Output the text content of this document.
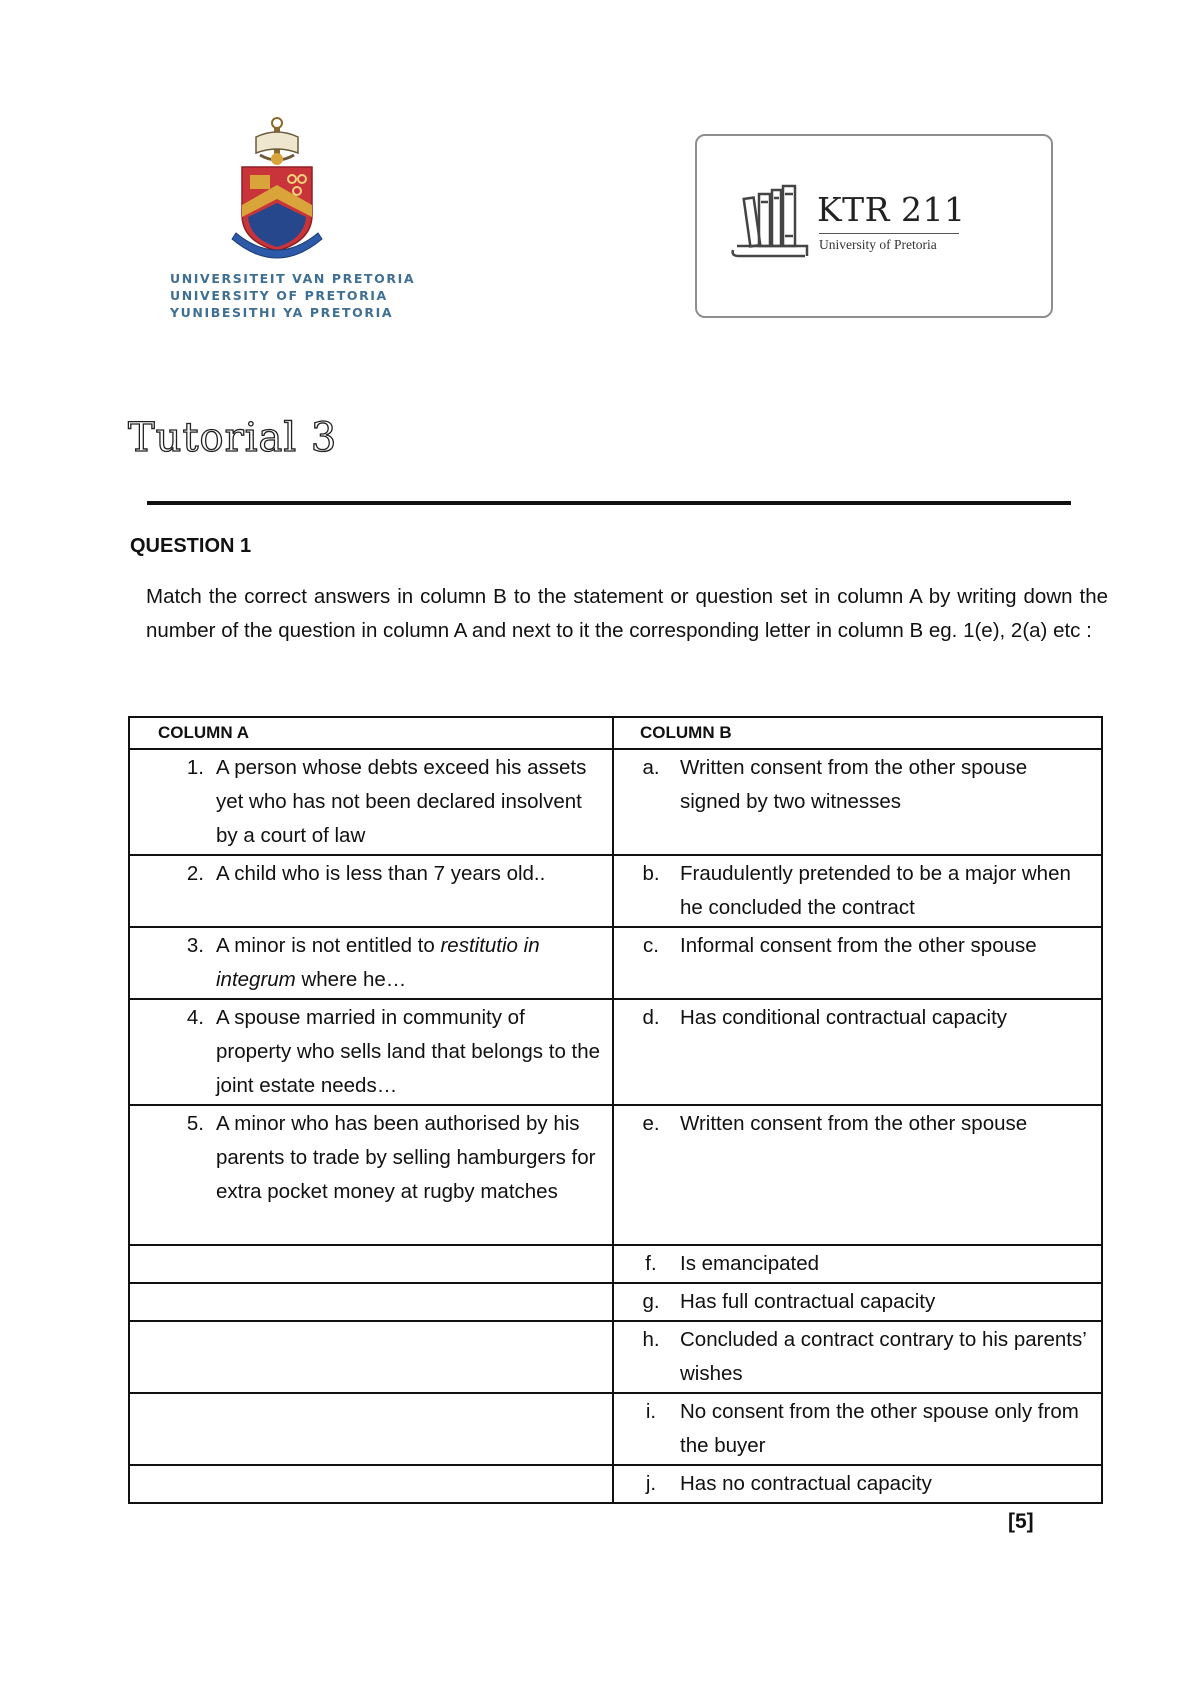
UNIVERSITEIT VAN PRETORIA
UNIVERSITY OF PRETORIA
YUNIBESITHI YA PRETORIA
KTR 211
University of Pretoria
Tutorial 3
QUESTION 1
Match the correct answers in column B to the statement or question set in column A by writing down the number of the question in column A and next to it the corresponding letter in column B eg. 1(e), 2(a) etc :
COLUMN A	COLUMN B

1. A person whose debts exceed his assets yet who has not been declared insolvent by a court of law	a. Written consent from the other spouse signed by two witnesses

2. A child who is less than 7 years old..	b. Fraudulently pretended to be a major when he concluded the contract

3. A minor is not entitled to restitutio in integrum where he…	c. Informal consent from the other spouse

4. A spouse married in community of property who sells land that belongs to the joint estate needs…	d. Has conditional contractual capacity

5. A minor who has been authorised by his parents to trade by selling hamburgers for extra pocket money at rugby matches	e. Written consent from the other spouse

	f. Is emancipated

	g. Has full contractual capacity

	h. Concluded a contract contrary to his parents’ wishes

	i. No consent from the other spouse only from the buyer

	j. Has no contractual capacity
[5]
